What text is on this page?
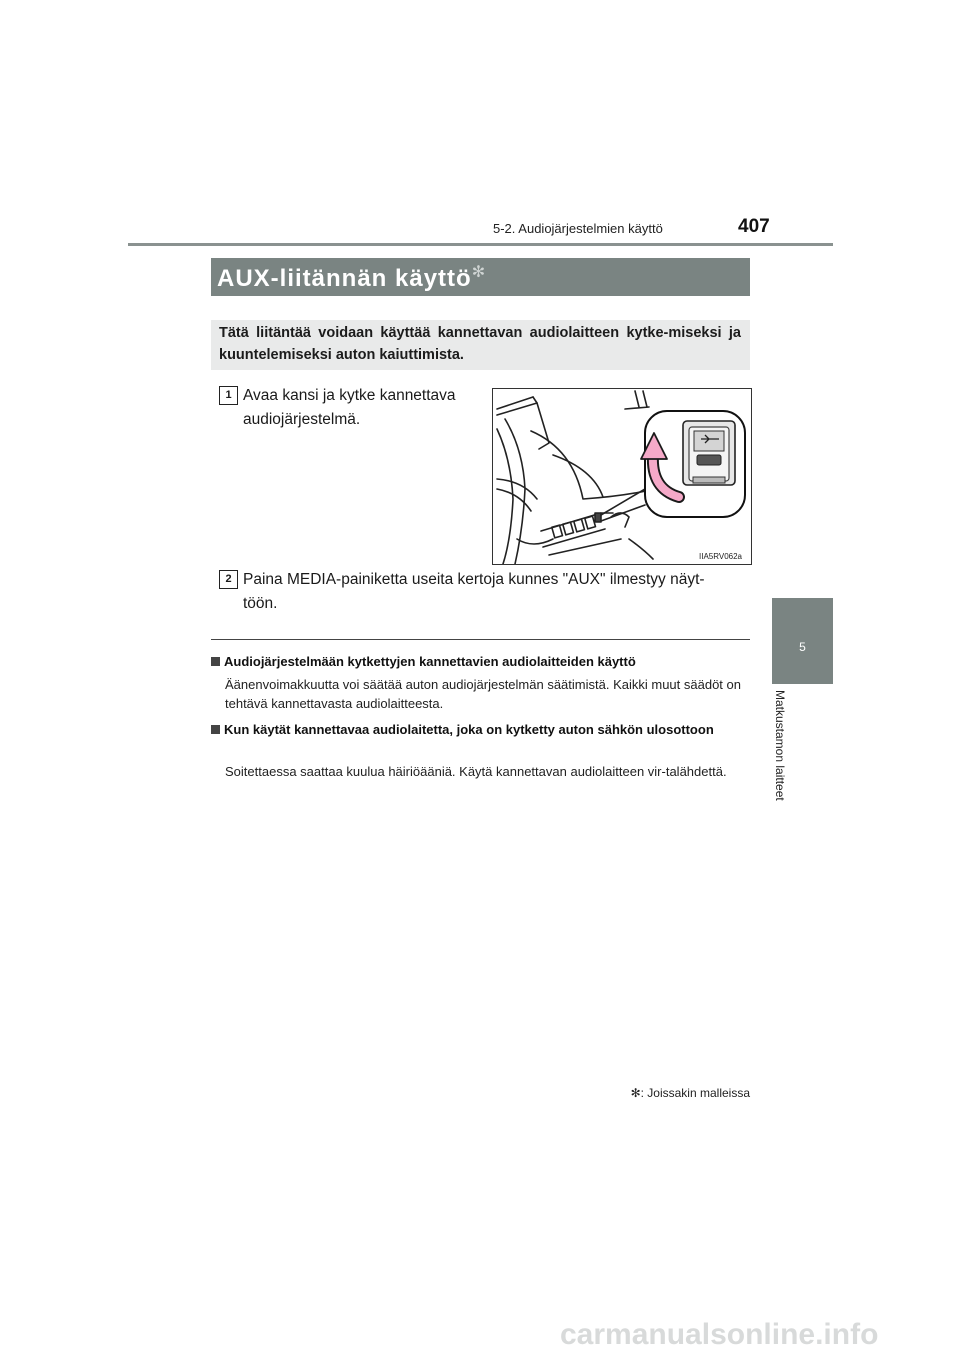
5-2. Audiojärjestelmien käyttö	407
5
Matkustamon laitteet
AUX-liitännän käyttö✻
Tätä liitäntää voidaan käyttää kannettavan audiolaitteen kytke-miseksi ja kuuntelemiseksi auton kaiuttimista.
1 Avaa kansi ja kytke kannettava
audiojärjestelmä.
IIA5RV062a
2 Paina MEDIA-painiketta useita kertoja kunnes "AUX" ilmestyy näyt-
töön.
Audiojärjestelmään kytkettyjen kannettavien audiolaitteiden käyttö
Äänenvoimakkuutta voi säätää auton audiojärjestelmän säätimistä. Kaikki muut säädöt on tehtävä kannettavasta audiolaitteesta.
Kun käytät kannettavaa audiolaitetta, joka on kytketty auton sähkön ulosottoon
Soitettaessa saattaa kuulua häiriöääniä. Käytä kannettavan audiolaitteen vir-talähdettä.
✻: Joissakin malleissa
carmanualsonline.info
